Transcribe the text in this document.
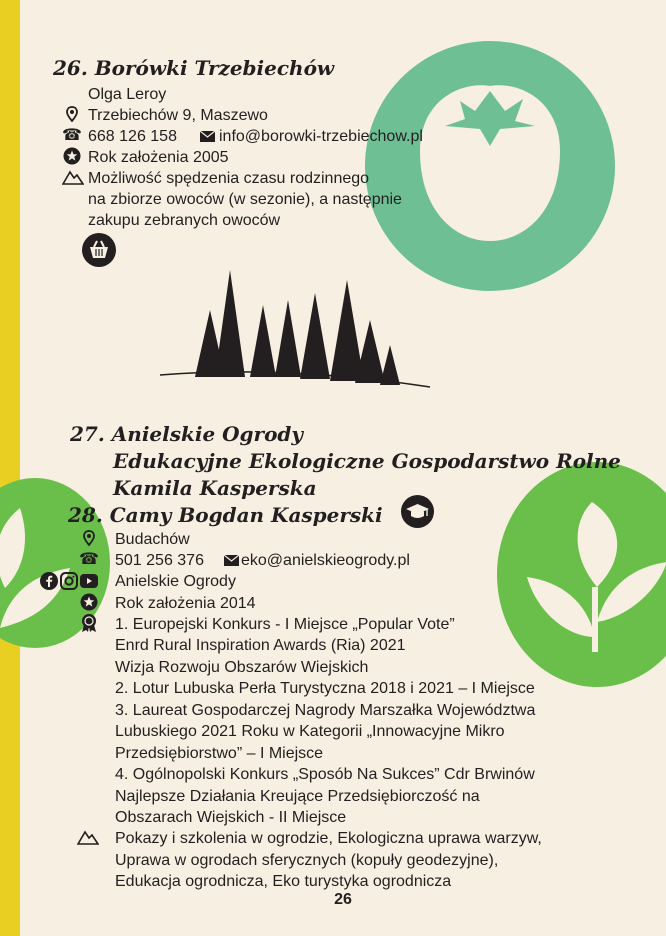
26. Borówki Trzebiechów
Olga Leroy
Trzebiechów 9, Maszewo
☎ 668 126 158	info@borowki-trzebiechow.pl
Rok założenia 2005
Możliwość spędzenia czasu rodzinnego
na zbiorze owoców (w sezonie), a następnie
zakupu zebranych owoców
27. Anielskie Ogrody
Edukacyjne Ekologiczne Gospodarstwo Rolne
Kamila Kasperska
28. Camy Bogdan Kasperski
Budachów
☎ 501 256 376 eko@anielskieogrody.pl
Anielskie Ogrody
Rok założenia 2014
1. Europejski Konkurs - I Miejsce „Popular Vote”
Enrd Rural Inspiration Awards (Ria) 2021
Wizja Rozwoju Obszarów Wiejskich
2. Lotur Lubuska Perła Turystyczna 2018 i 2021 – I Miejsce
3. Laureat Gospodarczej Nagrody Marszałka Województwa
Lubuskiego 2021 Roku w Kategorii „Innowacyjne Mikro
Przedsiębiorstwo” – I Miejsce
4. Ogólnopolski Konkurs „Sposób Na Sukces” Cdr Brwinów
Najlepsze Działania Kreujące Przedsiębiorczość na
Obszarach Wiejskich - II Miejsce
Pokazy i szkolenia w ogrodzie, Ekologiczna uprawa warzyw,
Uprawa w ogrodach sferycznych (kopuły geodezyjne),
Edukacja ogrodnicza, Eko turystyka ogrodnicza
26
